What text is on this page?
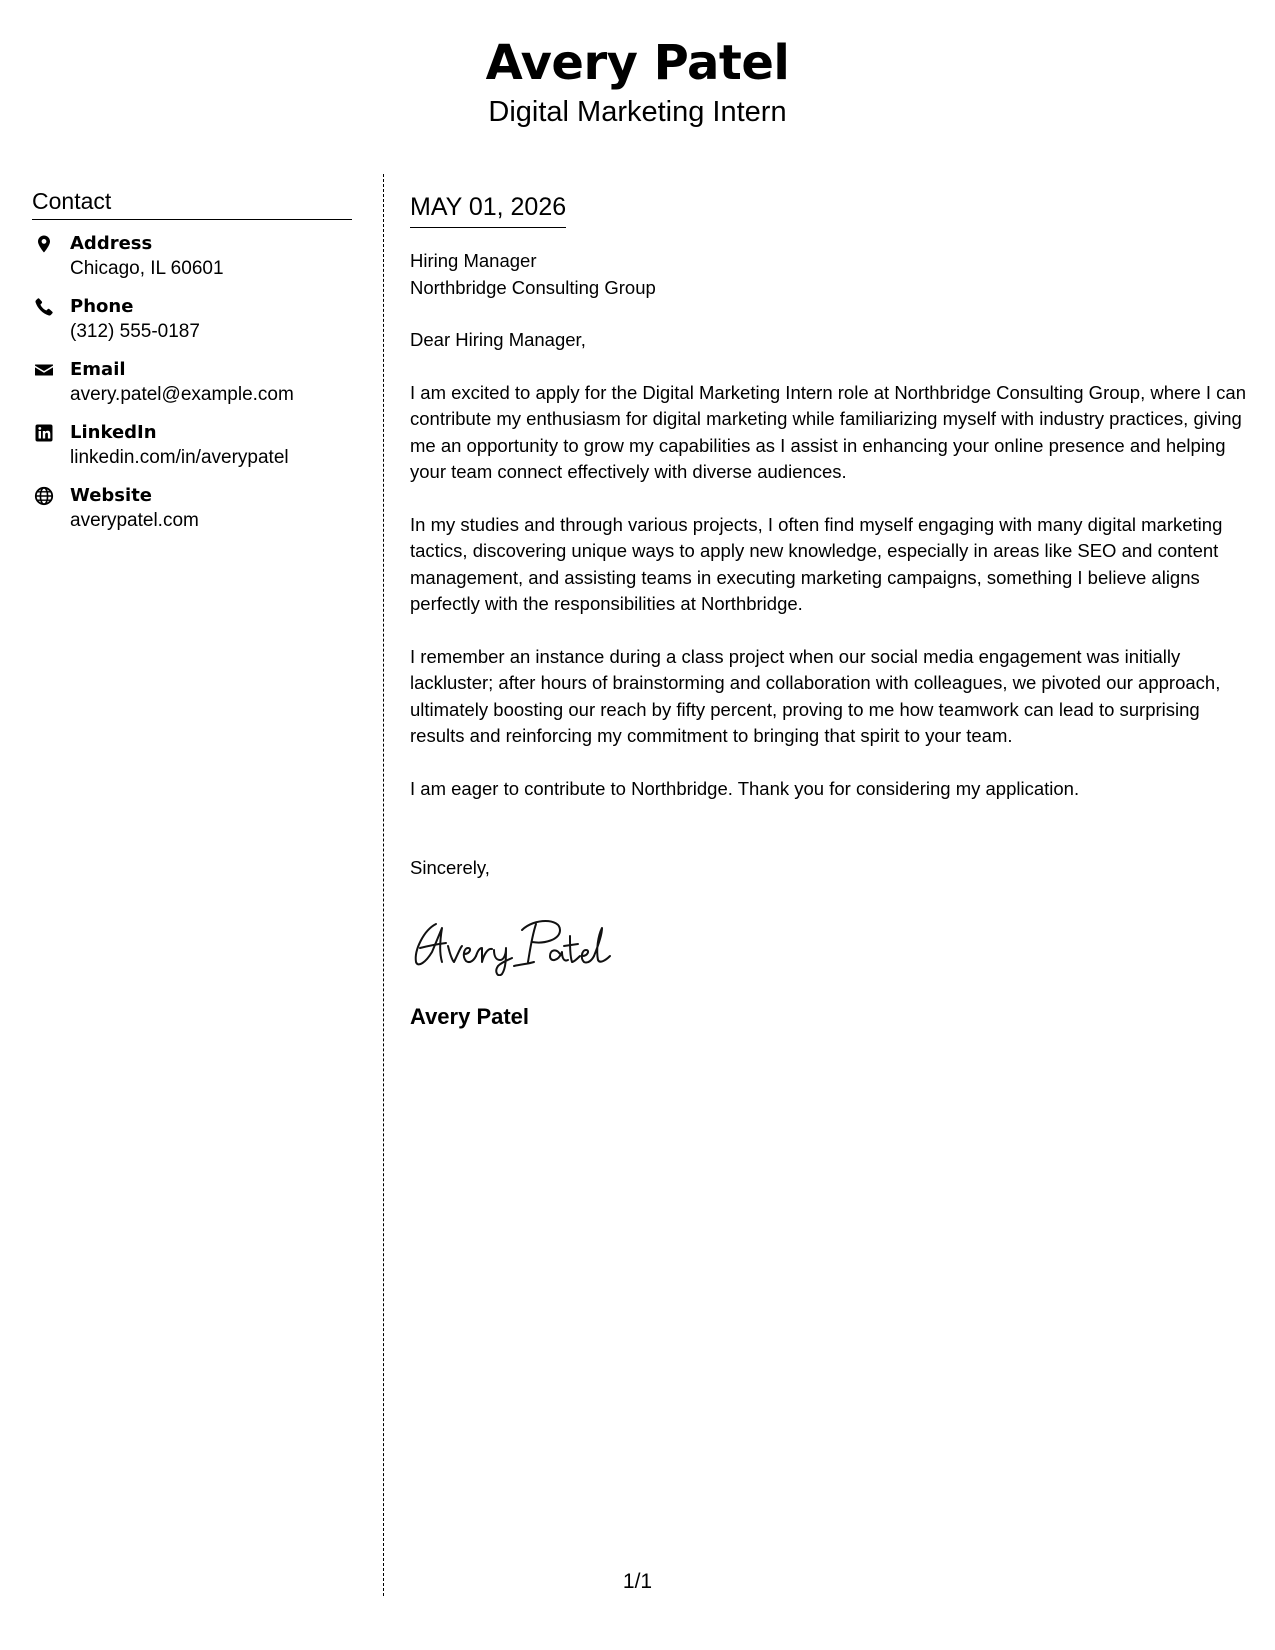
Avery Patel
Digital Marketing Intern
Contact
Address
Chicago, IL 60601
Phone
(312) 555-0187
Email
avery.patel@example.com
LinkedIn
linkedin.com/in/averypatel
Website
averypatel.com
MAY 01, 2026
Hiring Manager
Northbridge Consulting Group
Dear Hiring Manager,

I am excited to apply for the Digital Marketing Intern role at Northbridge Consulting Group, where I can contribute my enthusiasm for digital marketing while familiarizing myself with industry practices, giving me an opportunity to grow my capabilities as I assist in enhancing your online presence and helping your team connect effectively with diverse audiences.

In my studies and through various projects, I often find myself engaging with many digital marketing tactics, discovering unique ways to apply new knowledge, especially in areas like SEO and content management, and assisting teams in executing marketing campaigns, something I believe aligns perfectly with the responsibilities at Northbridge.

I remember an instance during a class project when our social media engagement was initially lackluster; after hours of brainstorming and collaboration with colleagues, we pivoted our approach, ultimately boosting our reach by fifty percent, proving to me how teamwork can lead to surprising results and reinforcing my commitment to bringing that spirit to your team.

I am eager to contribute to Northbridge. Thank you for considering my application.

Sincerely,
Avery Patel
1/1
